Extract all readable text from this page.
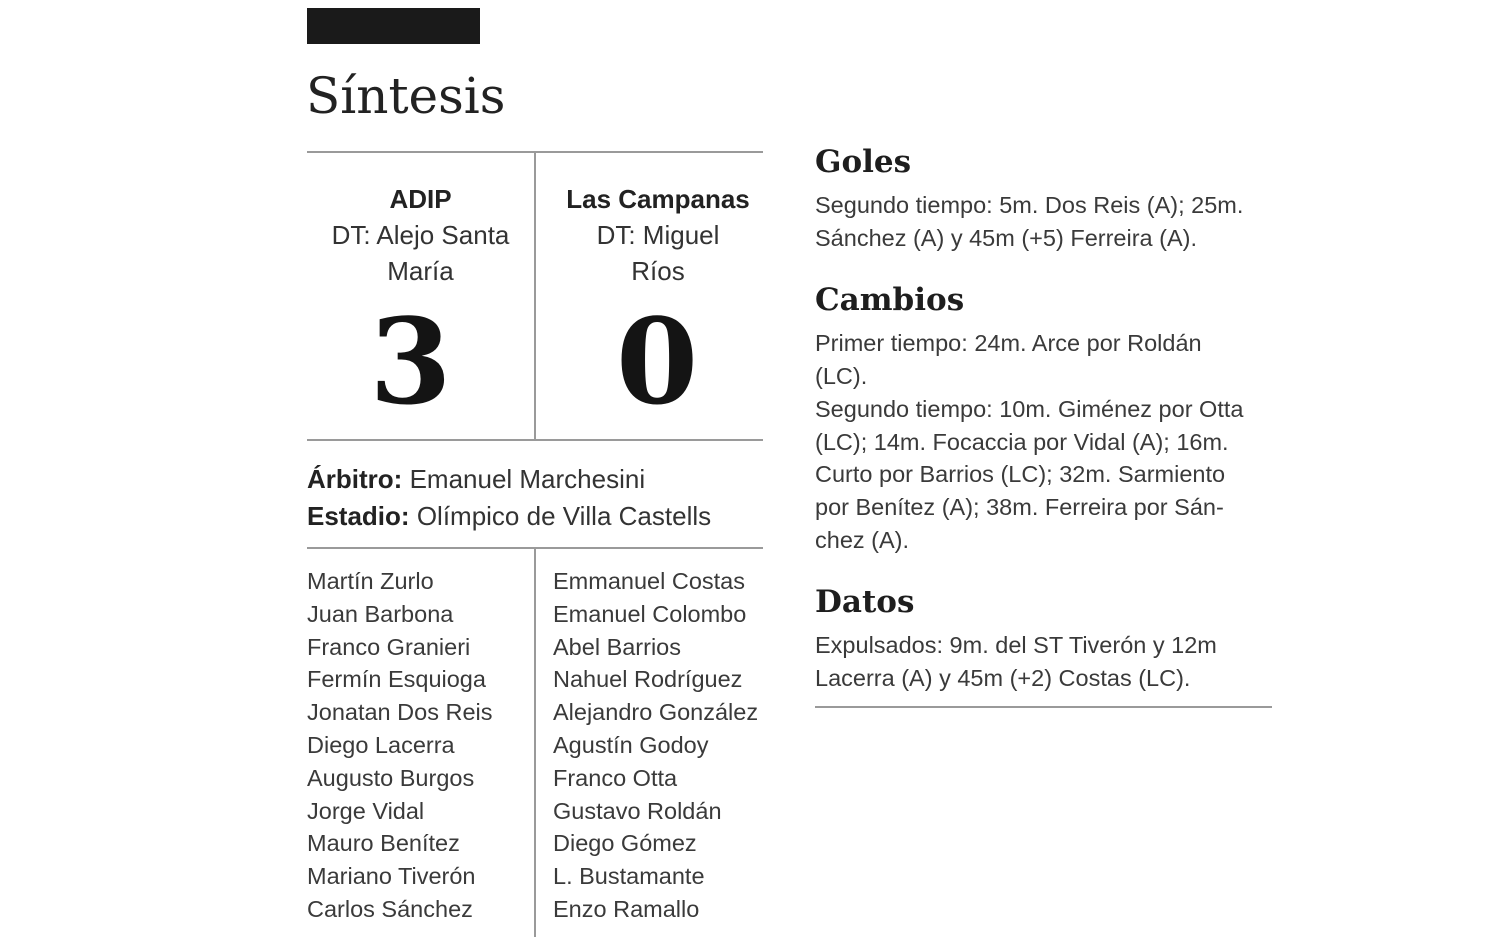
Síntesis
ADIP
DT: Alejo Santa
María
Las Campanas
DT: Miguel
Ríos
3	0
Árbitro: Emanuel Marchesini
Estadio: Olímpico de Villa Castells
Martín Zurlo
Juan Barbona
Franco Granieri
Fermín Esquioga
Jonatan Dos Reis
Diego Lacerra
Augusto Burgos
Jorge Vidal
Mauro Benítez
Mariano Tiverón
Carlos Sánchez
Emmanuel Costas
Emanuel Colombo
Abel Barrios
Nahuel Rodríguez
Alejandro González
Agustín Godoy
Franco Otta
Gustavo Roldán
Diego Gómez
L. Bustamante
Enzo Ramallo
Goles
Segundo tiempo: 5m. Dos Reis (A); 25m.
Sánchez (A) y 45m (+5) Ferreira (A).
Cambios
Primer tiempo: 24m. Arce por Roldán
(LC).
Segundo tiempo: 10m. Giménez por Otta
(LC); 14m. Focaccia por Vidal (A); 16m.
Curto por Barrios (LC); 32m. Sarmiento
por Benítez (A); 38m. Ferreira por Sán-
chez (A).
Datos
Expulsados: 9m. del ST Tiverón y 12m
Lacerra (A) y 45m (+2) Costas (LC).
